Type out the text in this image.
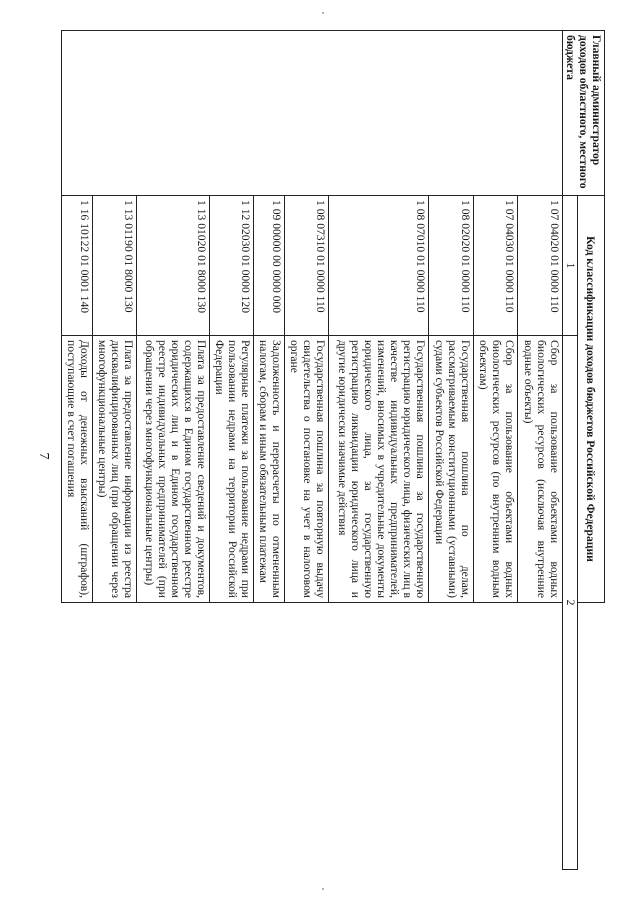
7
Главный администратор доходов областного, местного бюджета	Код классификации доходов бюджетов Российской Федерации	
	1	2
	1 07 04020 01 0000 110	Сбор за пользование объектами водных биологических ресурсов (исключая внутренние водные объекты)
	1 07 04030 01 0000 110	Сбор за пользование объектами водных биологических ресурсов (по внутренним водным объектам)
	1 08 02020 01 0000 110	Государственная пошлина по делам, рассматриваемым конституционными (уставными) судами субъектов Российской Федерации
	1 08 07010 01 0000 110	Государственная пошлина за государственную регистрацию юридического лица, физических лиц в качестве индивидуальных предпринимателей, изменений, вносимых в учредительные документы юридического лица, за государственную регистрацию ликвидации юридического лица и другие юридически значимые действия
	1 08 07310 01 0000 110	Государственная пошлина за повторную выдачу свидетельства о постановке на учет в налоговом органе
	1 09 00000 00 0000 000	Задолженность и перерасчеты по отмененным налогам, сборам и иным обязательным платежам
	1 12 02030 01 0000 120	Регулярные платежи за пользование недрами при пользовании недрами на территории Российской Федерации
	1 13 01020 01 8000 130	Плата за предоставление сведений и документов, содержащихся в Едином государственном реестре юридических лиц и в Едином государственном реестре индивидуальных предпринимателей (при обращении через многофункциональные центры)
	1 13 01190 01 8000 130	Плата за предоставление информации из реестра дисквалифицированных лиц (при обращении через многофункциональные центры)
	1 16 10122 01 0001 140	Доходы от денежных взысканий (штрафов), поступающие в счет погашения
